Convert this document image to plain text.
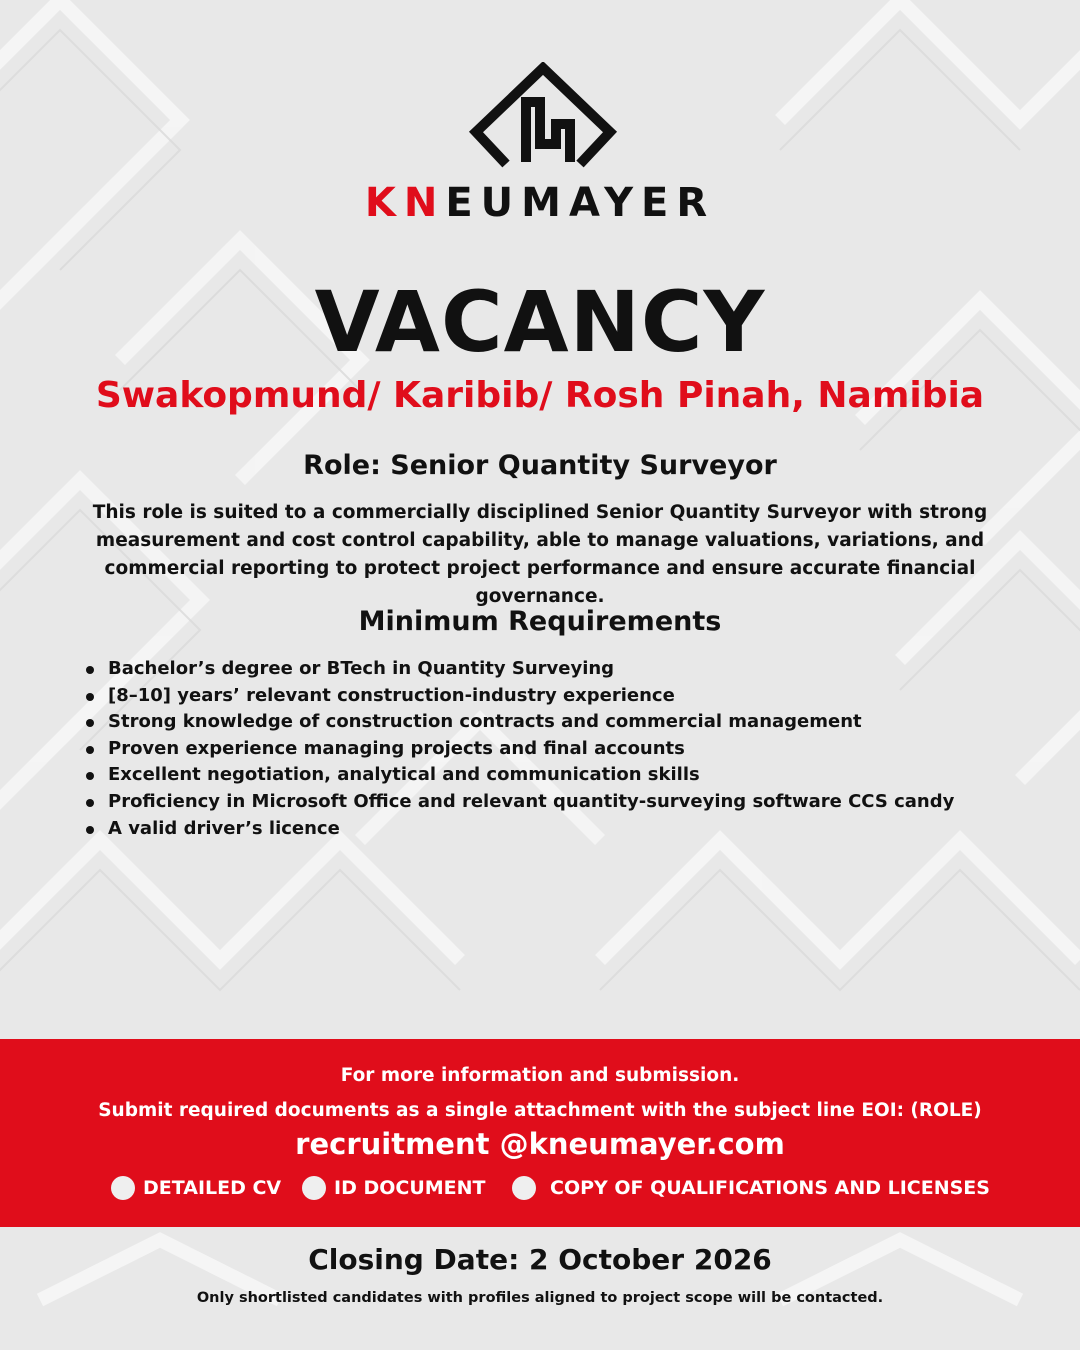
KNEUMAYER
VACANCY
Swakopmund/ Karibib/ Rosh Pinah, Namibia
Role: Senior Quantity Surveyor
This role is suited to a commercially disciplined Senior Quantity Surveyor with strong measurement and cost control capability, able to manage valuations, variations, and commercial reporting to protect project performance and ensure accurate financial governance.
Minimum Requirements
Bachelor’s degree or BTech in Quantity Surveying
[8–10] years’ relevant construction-industry experience
Strong knowledge of construction contracts and commercial management
Proven experience managing projects and final accounts
Excellent negotiation, analytical and communication skills
Proficiency in Microsoft Office and relevant quantity-surveying software CCS candy
A valid driver’s licence
For more information and submission.
Submit required documents as a single attachment with the subject line EOI: (ROLE)
recruitment @kneumayer.com
DETAILED CV	ID DOCUMENT	COPY OF QUALIFICATIONS AND LICENSES
Closing Date: 2 October 2026
Only shortlisted candidates with profiles aligned to project scope will be contacted.
